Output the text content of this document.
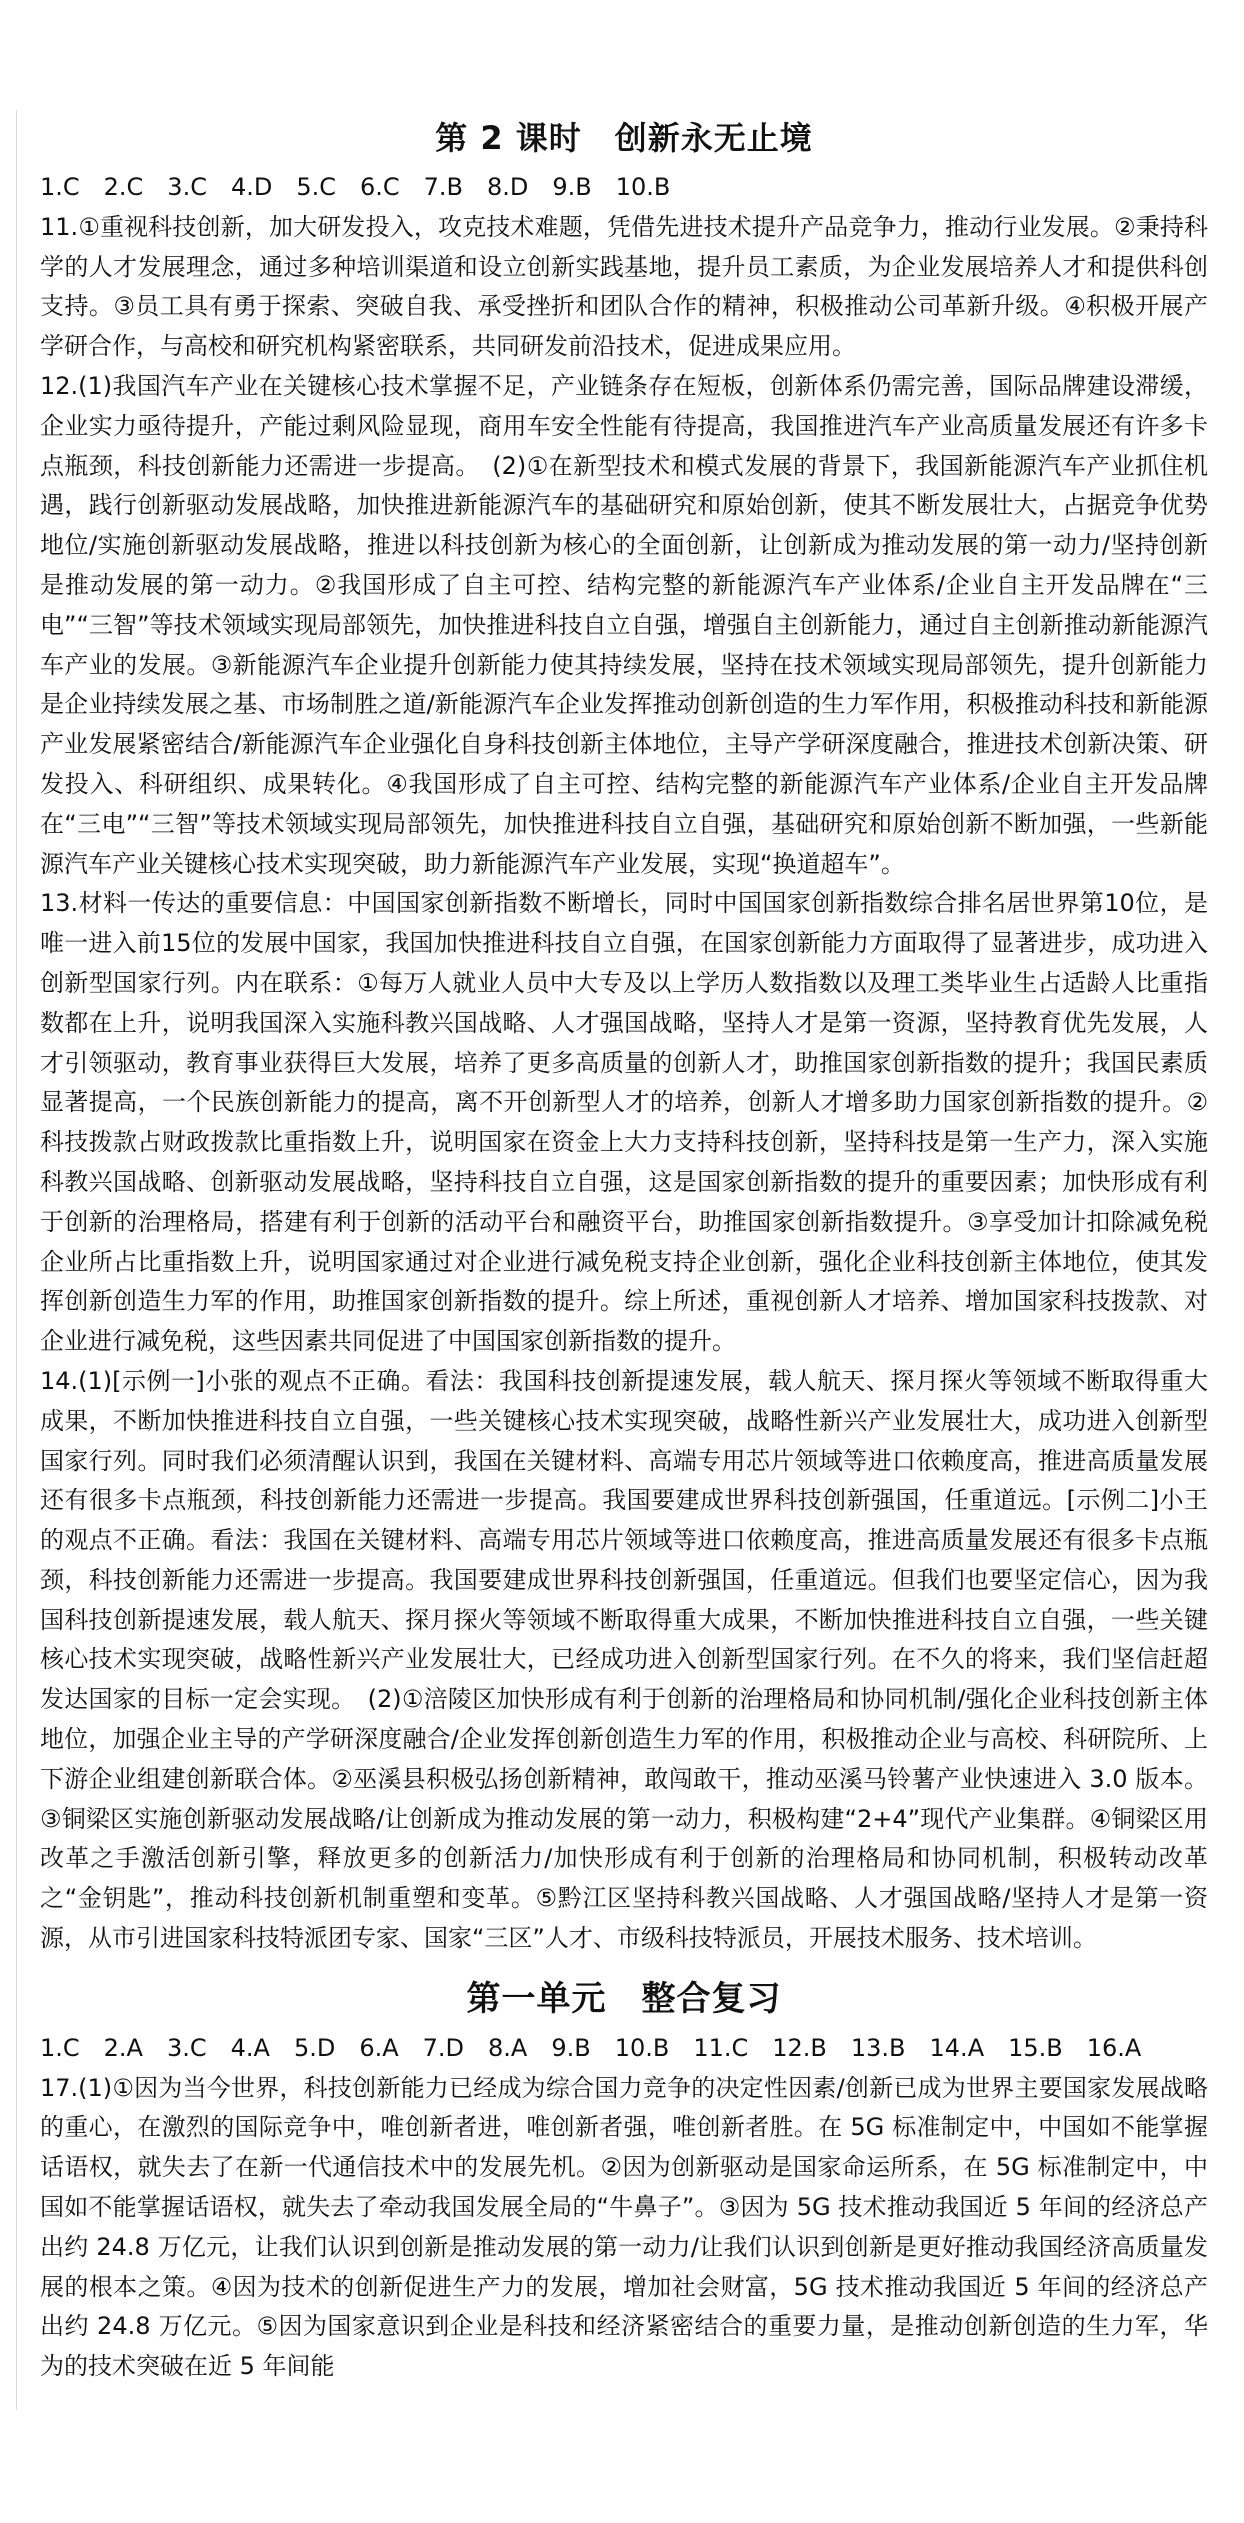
第 2 课时　创新永无止境

1.C　2.C　3.C　4.D　5.C　6.C　7.B　8.D　9.B　10.B

11.①重视科技创新，加大研发投入，攻克技术难题，凭借先进技术提升产品竞争力，推动行业发展。②秉持科学的人才发展理念，通过多种培训渠道和设立创新实践基地，提升员工素质，为企业发展培养人才和提供科创支持。③员工具有勇于探索、突破自我、承受挫折和团队合作的精神，积极推动公司革新升级。④积极开展产学研合作，与高校和研究机构紧密联系，共同研发前沿技术，促进成果应用。

12.(1)我国汽车产业在关键核心技术掌握不足，产业链条存在短板，创新体系仍需完善，国际品牌建设滞缓，企业实力亟待提升，产能过剩风险显现，商用车安全性能有待提高，我国推进汽车产业高质量发展还有许多卡点瓶颈，科技创新能力还需进一步提高。　(2)①在新型技术和模式发展的背景下，我国新能源汽车产业抓住机遇，践行创新驱动发展战略，加快推进新能源汽车的基础研究和原始创新，使其不断发展壮大，占据竞争优势地位/实施创新驱动发展战略，推进以科技创新为核心的全面创新，让创新成为推动发展的第一动力/坚持创新是推动发展的第一动力。②我国形成了自主可控、结构完整的新能源汽车产业体系/企业自主开发品牌在“三电”“三智”等技术领域实现局部领先，加快推进科技自立自强，增强自主创新能力，通过自主创新推动新能源汽车产业的发展。③新能源汽车企业提升创新能力使其持续发展，坚持在技术领域实现局部领先，提升创新能力是企业持续发展之基、市场制胜之道/新能源汽车企业发挥推动创新创造的生力军作用，积极推动科技和新能源产业发展紧密结合/新能源汽车企业强化自身科技创新主体地位，主导产学研深度融合，推进技术创新决策、研发投入、科研组织、成果转化。④我国形成了自主可控、结构完整的新能源汽车产业体系/企业自主开发品牌在“三电”“三智”等技术领域实现局部领先，加快推进科技自立自强，基础研究和原始创新不断加强，一些新能源汽车产业关键核心技术实现突破，助力新能源汽车产业发展，实现“换道超车”。

13.材料一传达的重要信息：中国国家创新指数不断增长，同时中国国家创新指数综合排名居世界第10位，是唯一进入前15位的发展中国家，我国加快推进科技自立自强，在国家创新能力方面取得了显著进步，成功进入创新型国家行列。内在联系：①每万人就业人员中大专及以上学历人数指数以及理工类毕业生占适龄人比重指数都在上升，说明我国深入实施科教兴国战略、人才强国战略，坚持人才是第一资源，坚持教育优先发展，人才引领驱动，教育事业获得巨大发展，培养了更多高质量的创新人才，助推国家创新指数的提升；我国民素质显著提高，一个民族创新能力的提高，离不开创新型人才的培养，创新人才增多助力国家创新指数的提升。②科技拨款占财政拨款比重指数上升，说明国家在资金上大力支持科技创新，坚持科技是第一生产力，深入实施科教兴国战略、创新驱动发展战略，坚持科技自立自强，这是国家创新指数的提升的重要因素；加快形成有利于创新的治理格局，搭建有利于创新的活动平台和融资平台，助推国家创新指数提升。③享受加计扣除减免税企业所占比重指数上升，说明国家通过对企业进行减免税支持企业创新，强化企业科技创新主体地位，使其发挥创新创造生力军的作用，助推国家创新指数的提升。综上所述，重视创新人才培养、增加国家科技拨款、对企业进行减免税，这些因素共同促进了中国国家创新指数的提升。

14.(1)[示例一]小张的观点不正确。看法：我国科技创新提速发展，载人航天、探月探火等领域不断取得重大成果，不断加快推进科技自立自强，一些关键核心技术实现突破，战略性新兴产业发展壮大，成功进入创新型国家行列。同时我们必须清醒认识到，我国在关键材料、高端专用芯片领域等进口依赖度高，推进高质量发展还有很多卡点瓶颈，科技创新能力还需进一步提高。我国要建成世界科技创新强国，任重道远。[示例二]小王的观点不正确。看法：我国在关键材料、高端专用芯片领域等进口依赖度高，推进高质量发展还有很多卡点瓶颈，科技创新能力还需进一步提高。我国要建成世界科技创新强国，任重道远。但我们也要坚定信心，因为我国科技创新提速发展，载人航天、探月探火等领域不断取得重大成果，不断加快推进科技自立自强，一些关键核心技术实现突破，战略性新兴产业发展壮大，已经成功进入创新型国家行列。在不久的将来，我们坚信赶超发达国家的目标一定会实现。　(2)①涪陵区加快形成有利于创新的治理格局和协同机制/强化企业科技创新主体地位，加强企业主导的产学研深度融合/企业发挥创新创造生力军的作用，积极推动企业与高校、科研院所、上下游企业组建创新联合体。②巫溪县积极弘扬创新精神，敢闯敢干，推动巫溪马铃薯产业快速进入 3.0 版本。③铜梁区实施创新驱动发展战略/让创新成为推动发展的第一动力，积极构建“2+4”现代产业集群。④铜梁区用改革之手激活创新引擎，释放更多的创新活力/加快形成有利于创新的治理格局和协同机制，积极转动改革之“金钥匙”，推动科技创新机制重塑和变革。⑤黔江区坚持科教兴国战略、人才强国战略/坚持人才是第一资源，从市引进国家科技特派团专家、国家“三区”人才、市级科技特派员，开展技术服务、技术培训。

第一单元　整合复习

1.C　2.A　3.C　4.A　5.D　6.A　7.D　8.A　9.B　10.B　11.C　12.B　13.B　14.A　15.B　16.A

17.(1)①因为当今世界，科技创新能力已经成为综合国力竞争的决定性因素/创新已成为世界主要国家发展战略的重心，在激烈的国际竞争中，唯创新者进，唯创新者强，唯创新者胜。在 5G 标准制定中，中国如不能掌握话语权，就失去了在新一代通信技术中的发展先机。②因为创新驱动是国家命运所系，在 5G 标准制定中，中国如不能掌握话语权，就失去了牵动我国发展全局的“牛鼻子”。③因为 5G 技术推动我国近 5 年间的经济总产出约 24.8 万亿元，让我们认识到创新是推动发展的第一动力/让我们认识到创新是更好推动我国经济高质量发展的根本之策。④因为技术的创新促进生产力的发展，增加社会财富，5G 技术推动我国近 5 年间的经济总产出约 24.8 万亿元。⑤因为国家意识到企业是科技和经济紧密结合的重要力量，是推动创新创造的生力军，华为的技术突破在近 5 年间能
